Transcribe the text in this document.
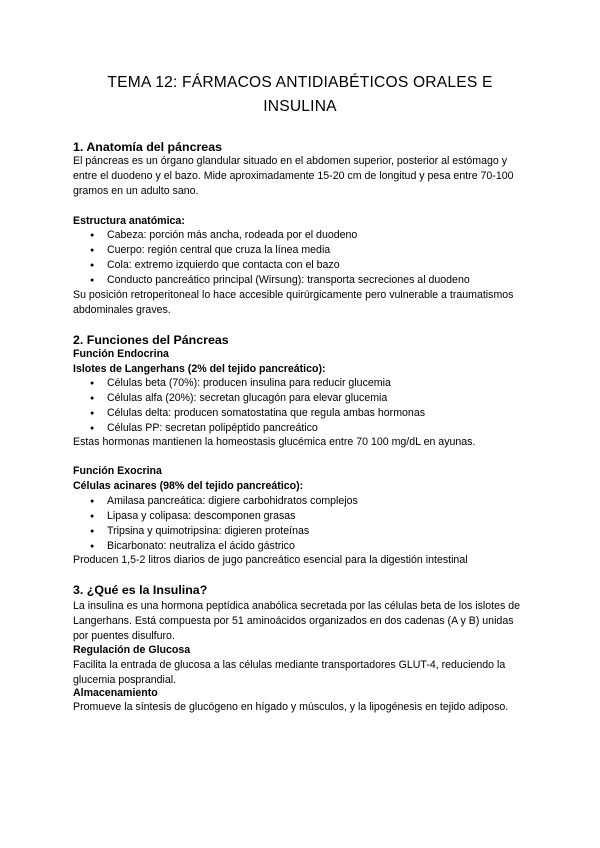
TEMA 12: FÁRMACOS ANTIDIABÉTICOS ORALES E INSULINA
1. Anatomía del páncreas
El páncreas es un órgano glandular situado en el abdomen superior, posterior al estómago y entre el duodeno y el bazo. Mide aproximadamente 15-20 cm de longitud y pesa entre 70-100 gramos en un adulto sano.
Estructura anatómica:
● Cabeza: porción más ancha, rodeada por el duodeno
● Cuerpo: región central que cruza la línea media
● Cola: extremo izquierdo que contacta con el bazo
● Conducto pancreático principal (Wirsung): transporta secreciones al duodeno
Su posición retroperitoneal lo hace accesible quirúrgicamente pero vulnerable a traumatismos abdominales graves.
2. Funciones del Páncreas
Función Endocrina
Islotes de Langerhans (2% del tejido pancreático):
● Células beta (70%): producen insulina para reducir glucemia
● Células alfa (20%): secretan glucagón para elevar glucemia
● Células delta: producen somatostatina que regula ambas hormonas
● Células PP: secretan polipéptido pancreático
Estas hormonas mantienen la homeostasis glucémica entre 70 100 mg/dL en ayunas.
Función Exocrina
Células acinares (98% del tejido pancreático):
● Amilasa pancreática: digiere carbohidratos complejos
● Lipasa y colipasa: descomponen grasas
● Tripsina y quimotripsina: digieren proteínas
● Bicarbonato: neutraliza el ácido gástrico
Producen 1,5-2 litros diarios de jugo pancreático esencial para la digestión intestinal
3. ¿Qué es la Insulina?
La insulina es una hormona peptídica anabólica secretada por las células beta de los islotes de Langerhans. Está compuesta por 51 aminoácidos organizados en dos cadenas (A y B) unidas por puentes disulfuro.
Regulación de Glucosa
Facilita la entrada de glucosa a las células mediante transportadores GLUT-4, reduciendo la glucemia posprandial.
Almacenamiento
Promueve la síntesis de glucógeno en hígado y músculos, y la lipogénesis en tejido adiposo.
